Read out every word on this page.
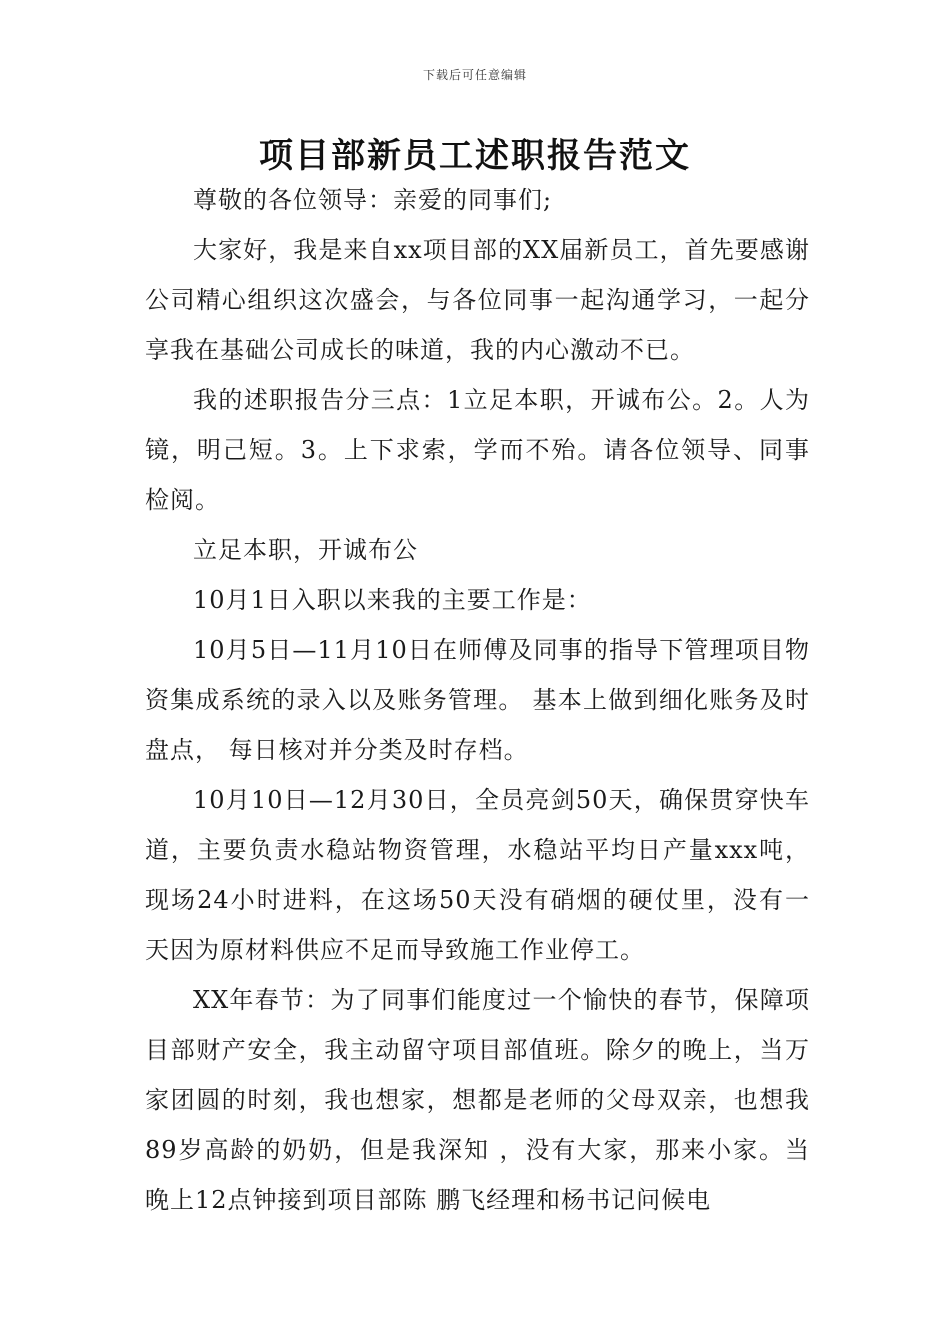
下载后可任意编辑
项目部新员工述职报告范文

尊敬的各位领导：亲爱的同事们;

大家好，我是来自xx项目部的XX届新员工，首先要感谢公司精心组织这次盛会，与各位同事一起沟通学习，一起分享我在基础公司成长的味道，我的内心激动不已。

我的述职报告分三点：1立足本职，开诚布公。2。人为镜，明己短。3。上下求索，学而不殆。请各位领导、同事检阅。

立足本职，开诚布公

10月1日入职以来我的主要工作是：

10月5日—11月10日在师傅及同事的指导下管理项目物资集成系统的录入以及账务管理。 基本上做到细化账务及时盘点， 每日核对并分类及时存档。

10月10日—12月30日，全员亮剑50天，确保贯穿快车道，主要负责水稳站物资管理，水稳站平均日产量xxx吨，现场24小时进料，在这场50天没有硝烟的硬仗里，没有一天因为原材料供应不足而导致施工作业停工。

XX年春节：为了同事们能度过一个愉快的春节，保障项目部财产安全，我主动留守项目部值班。除夕的晚上，当万家团圆的时刻，我也想家，想都是老师的父母双亲，也想我89岁高龄的奶奶，但是我深知 ，没有大家，那来小家。当晚上12点钟接到项目部陈 鹏飞经理和杨书记问候电
